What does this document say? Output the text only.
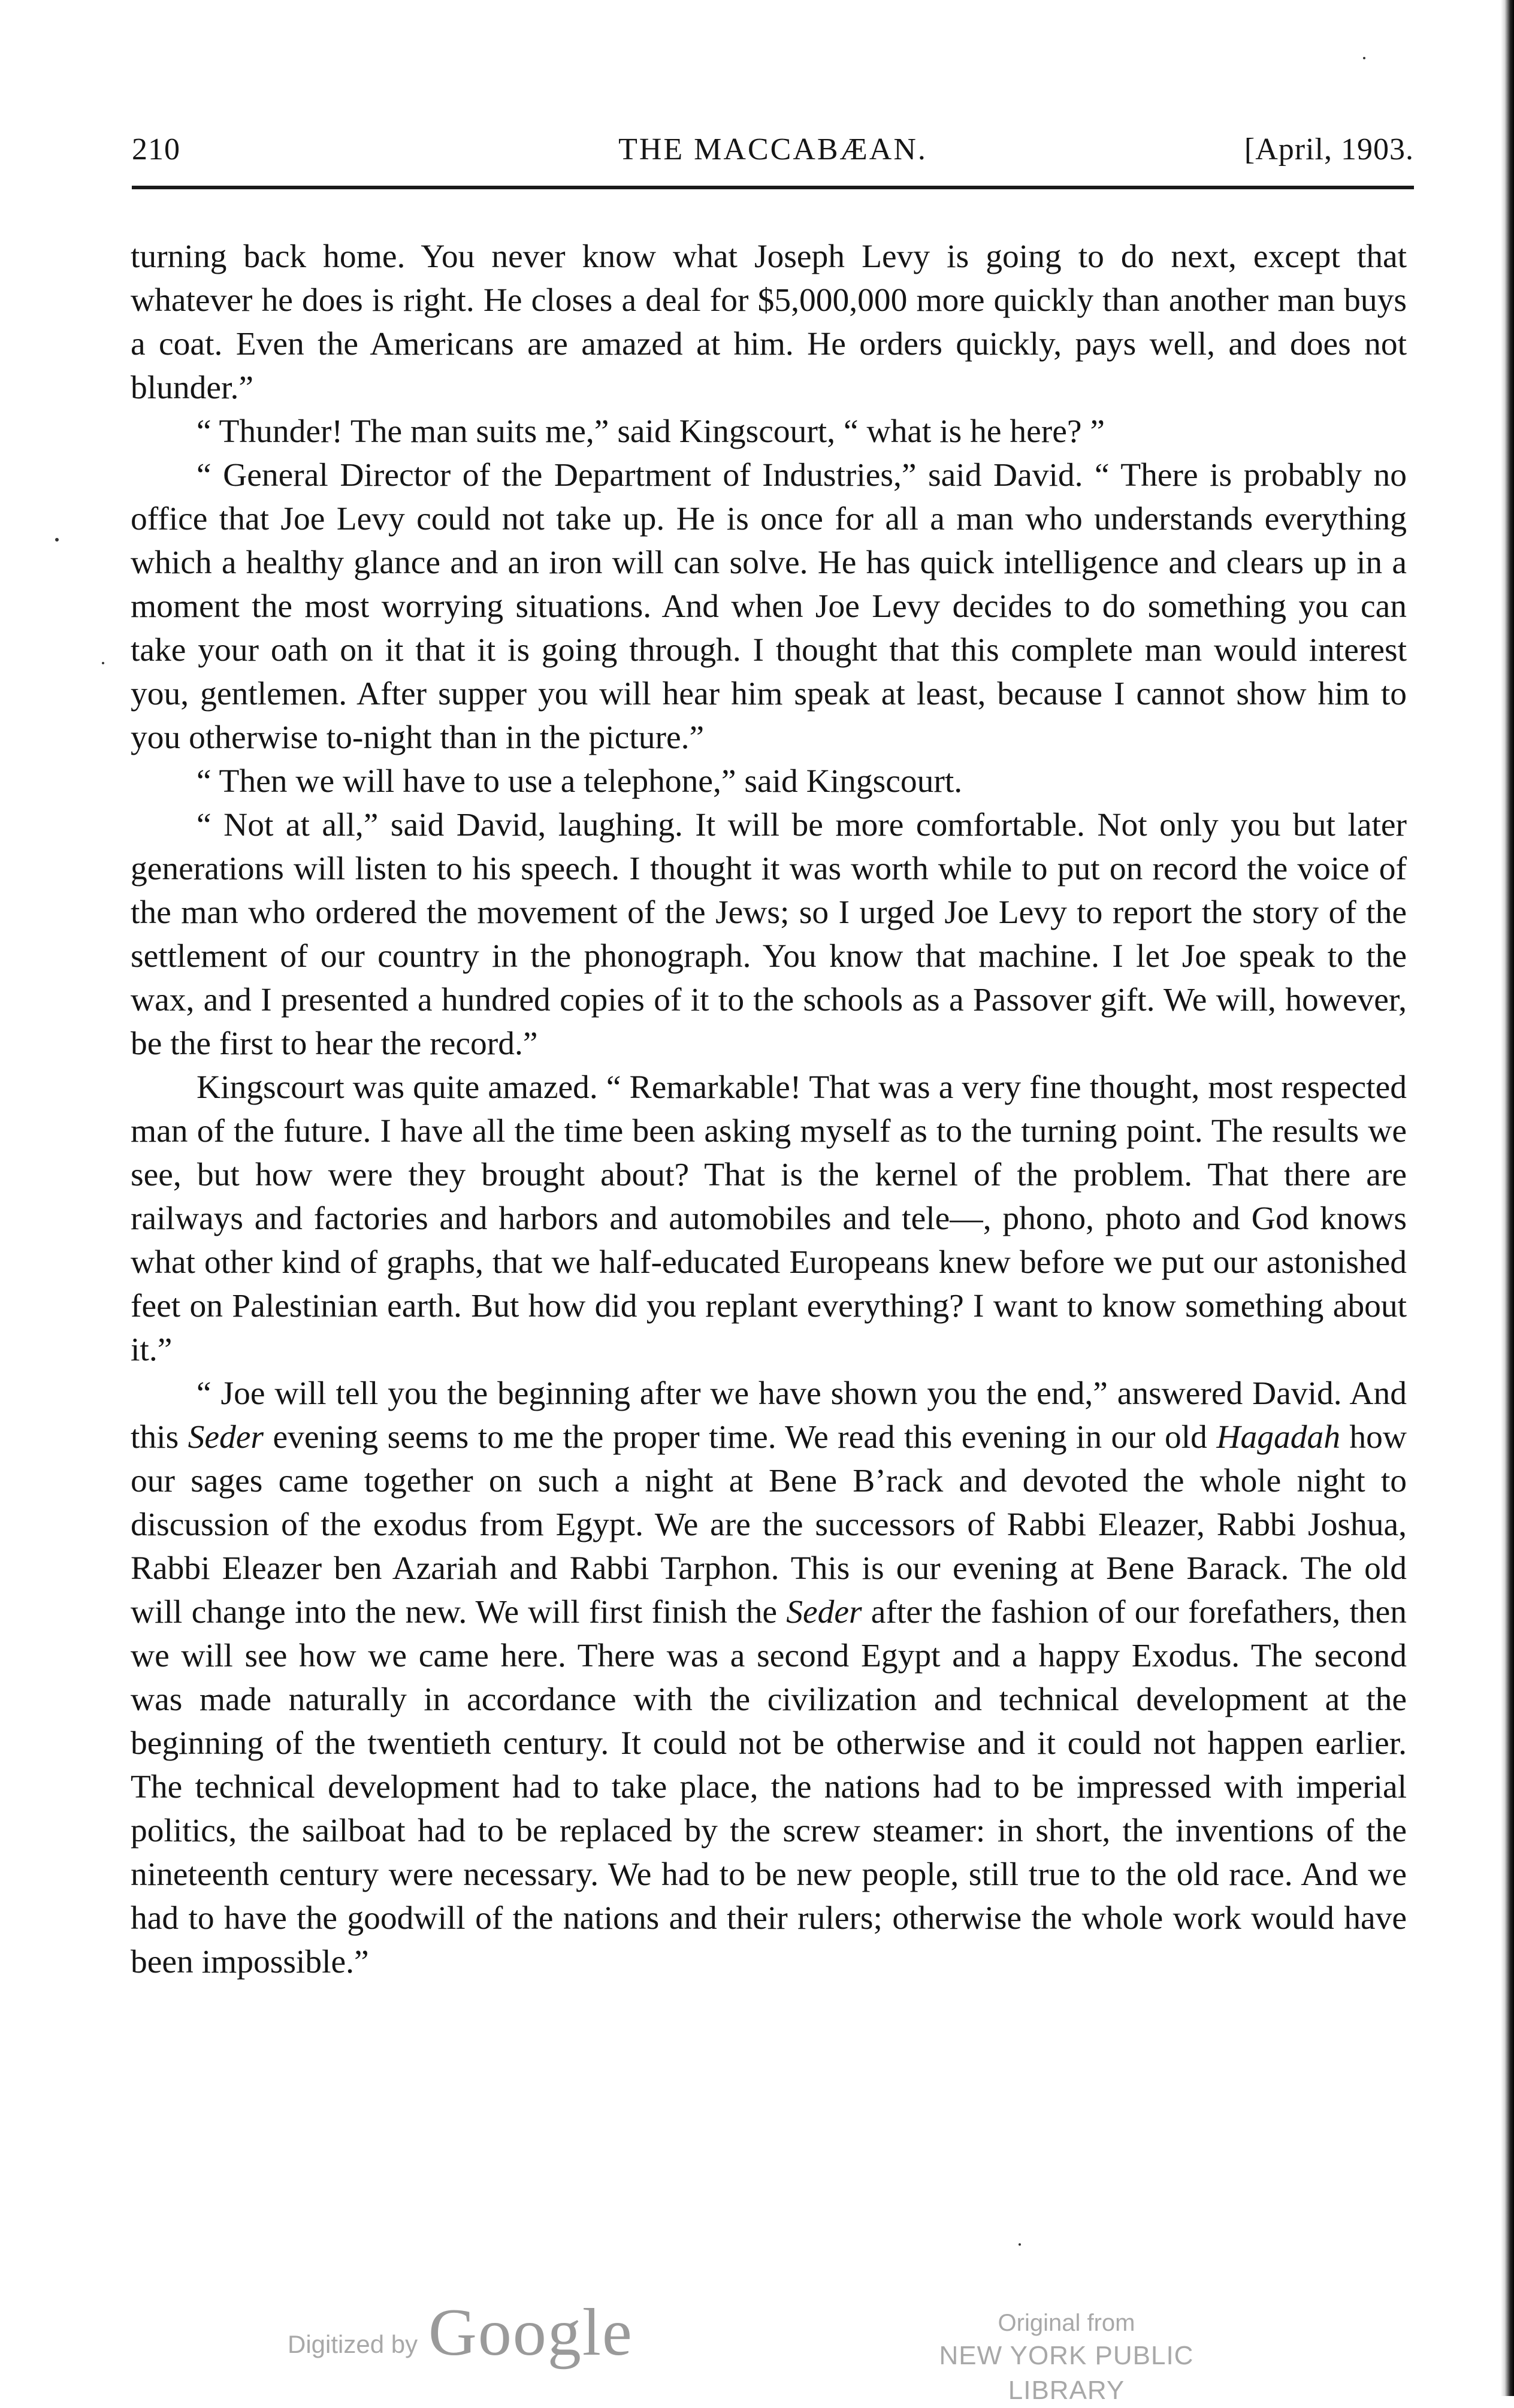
210	THE MACCABÆAN.	[April, 1903.

turning back home. You never know what Joseph Levy is going to do next, except that whatever he does is right. He closes a deal for $5,000,000 more quickly than another man buys a coat. Even the Americans are amazed at him. He orders quickly, pays well, and does not blunder.”

“ Thunder! The man suits me,” said Kingscourt, “ what is he here? ”

“ General Director of the Department of Industries,” said David. “ There is probably no office that Joe Levy could not take up. He is once for all a man who understands everything which a healthy glance and an iron will can solve. He has quick intelligence and clears up in a moment the most worrying situations. And when Joe Levy decides to do something you can take your oath on it that it is going through. I thought that this complete man would interest you, gentlemen. After supper you will hear him speak at least, because I cannot show him to you otherwise to-night than in the picture.”

“ Then we will have to use a telephone,” said Kingscourt.

“ Not at all,” said David, laughing. It will be more comfortable. Not only you but later generations will listen to his speech. I thought it was worth while to put on record the voice of the man who ordered the movement of the Jews; so I urged Joe Levy to report the story of the settlement of our country in the phonograph. You know that machine. I let Joe speak to the wax, and I presented a hundred copies of it to the schools as a Passover gift. We will, however, be the first to hear the record.”

Kingscourt was quite amazed. “ Remarkable! That was a very fine thought, most respected man of the future. I have all the time been asking myself as to the turning point. The results we see, but how were they brought about? That is the kernel of the problem. That there are railways and factories and harbors and automobiles and tele—, phono, photo and God knows what other kind of graphs, that we half-educated Europeans knew before we put our astonished feet on Palestinian earth. But how did you replant everything? I want to know something about it.”

“ Joe will tell you the beginning after we have shown you the end,” answered David. And this Seder evening seems to me the proper time. We read this evening in our old Hagadah how our sages came together on such a night at Bene B’rack and devoted the whole night to discussion of the exodus from Egypt. We are the successors of Rabbi Eleazer, Rabbi Joshua, Rabbi Eleazer ben Azariah and Rabbi Tarphon. This is our evening at Bene Barack. The old will change into the new. We will first finish the Seder after the fashion of our forefathers, then we will see how we came here. There was a second Egypt and a happy Exodus. The second was made naturally in accordance with the civilization and technical development at the beginning of the twentieth century. It could not be otherwise and it could not happen earlier. The technical development had to take place, the nations had to be impressed with imperial politics, the sailboat had to be replaced by the screw steamer: in short, the inventions of the nineteenth century were necessary. We had to be new people, still true to the old race. And we had to have the goodwill of the nations and their rulers; otherwise the whole work would have been impossible.”

Digitized by Google	Original from
NEW YORK PUBLIC LIBRARY
